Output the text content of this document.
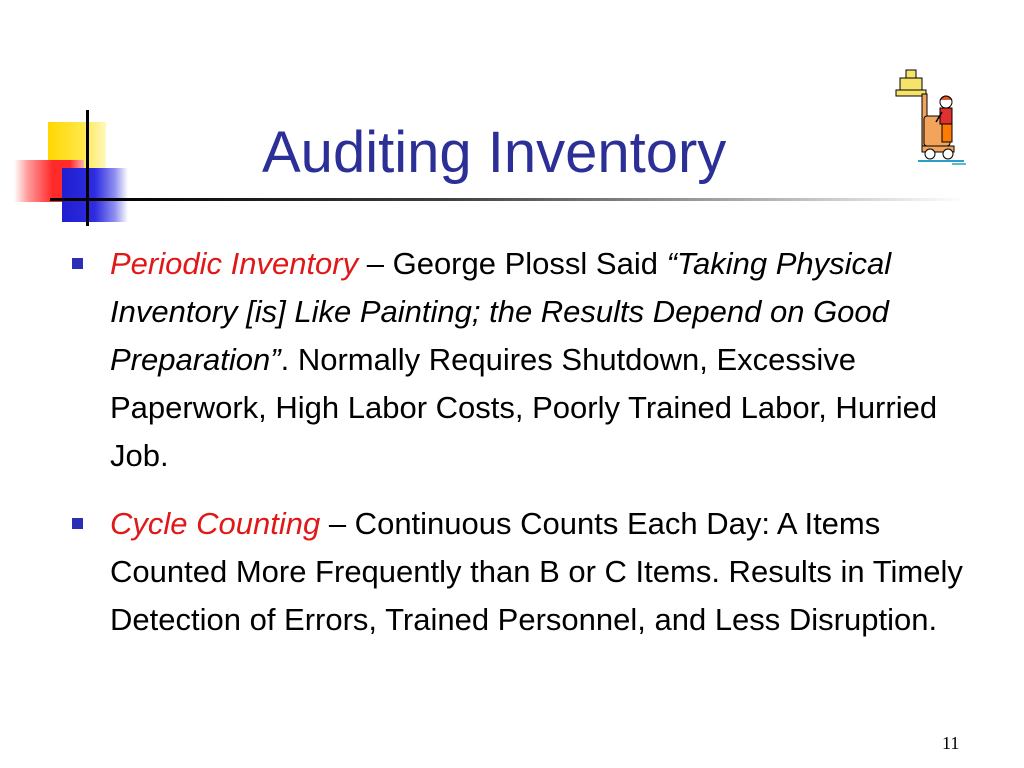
Auditing Inventory
Periodic Inventory – George Plossl Said “Taking Physical Inventory [is] Like Painting; the Results Depend on Good Preparation”. Normally Requires Shutdown, Excessive Paperwork, High Labor Costs, Poorly Trained Labor, Hurried Job.
Cycle Counting – Continuous Counts Each Day: A Items Counted More Frequently than B or C Items. Results in Timely Detection of Errors, Trained Personnel, and Less Disruption.
11
